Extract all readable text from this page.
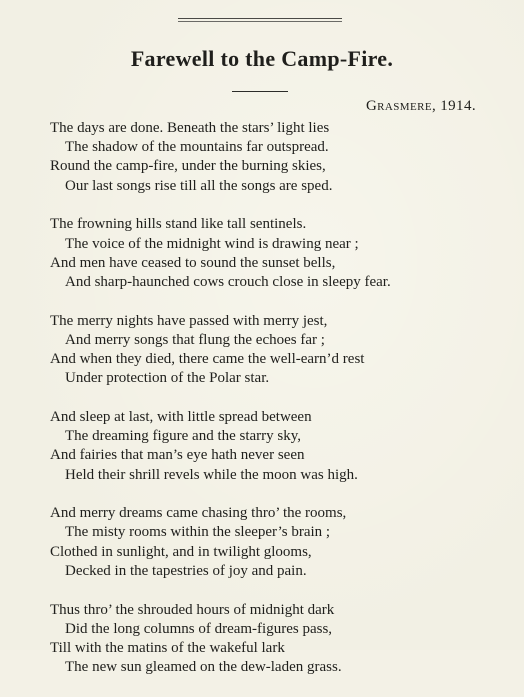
Farewell to the Camp-Fire.
Grasmere, 1914.
The days are done. Beneath the stars’ light lies
The shadow of the mountains far outspread.
Round the camp-fire, under the burning skies,
Our last songs rise till all the songs are sped.
The frowning hills stand like tall sentinels.
The voice of the midnight wind is drawing near ;
And men have ceased to sound the sunset bells,
And sharp-haunched cows crouch close in sleepy fear.
The merry nights have passed with merry jest,
And merry songs that flung the echoes far ;
And when they died, there came the well-earn’d rest
Under protection of the Polar star.
And sleep at last, with little spread between
The dreaming figure and the starry sky,
And fairies that man’s eye hath never seen
Held their shrill revels while the moon was high.
And merry dreams came chasing thro’ the rooms,
The misty rooms within the sleeper’s brain ;
Clothed in sunlight, and in twilight glooms,
Decked in the tapestries of joy and pain.
Thus thro’ the shrouded hours of midnight dark
Did the long columns of dream-figures pass,
Till with the matins of the wakeful lark
The new sun gleamed on the dew-laden grass.
